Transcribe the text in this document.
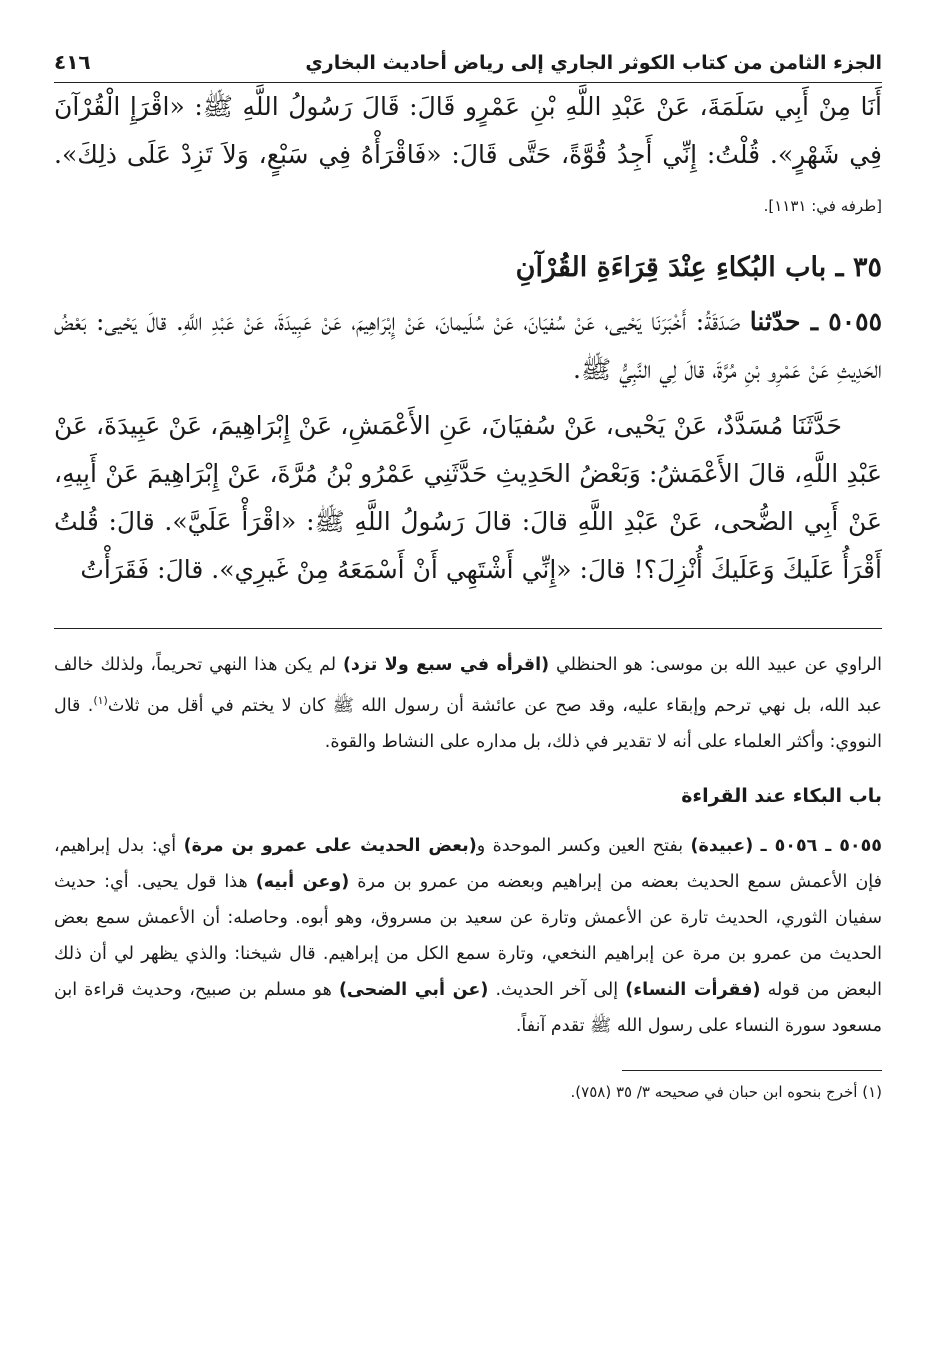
الجزء الثامن من كتاب الكوثر الجاري إلى رياض أحاديث البخاري
٤١٦

أَنَا مِنْ أَبِي سَلَمَةَ، عَنْ عَبْدِ اللَّهِ بْنِ عَمْرٍو قَالَ: قَالَ رَسُولُ اللَّهِ ﷺ: «اقْرَإِ الْقُرْآنَ فِي شَهْرٍ». قُلْتُ: إِنِّي أَجِدُ قُوَّةً، حَتَّى قَالَ: «فَاقْرَأْهُ فِي سَبْعٍ، وَلاَ تَزِدْ عَلَى ذلِكَ». [طرفه في: ١١٣١].

٣٥ ـ باب البُكاءِ عِنْدَ قِرَاءَةِ القُرْآنِ

٥٠٥٥ ـ حدّثنا صَدَقَةُ: أَخْبَرَنَا يَحْيى، عَنْ سُفيَانَ، عَنْ سُلَيمانَ، عَنْ إِبْرَاهِيمَ، عَنْ عَبِيدَةَ، عَنْ عَبْدِ اللَّهِ. قالَ يَحْيى: بَعْضُ الحَدِيثِ عَنْ عَمْرِو بْنِ مُرَّةَ، قالَ لِي النَّبِيُّ ﷺ.

حَدَّثَنَا مُسَدَّدٌ، عَنْ يَحْيى، عَنْ سُفيَانَ، عَنِ الأَعْمَشِ، عَنْ إِبْرَاهِيمَ، عَنْ عَبِيدَةَ، عَنْ عَبْدِ اللَّهِ، قالَ الأَعْمَشُ: وَبَعْضُ الحَدِيثِ حَدَّثَنِي عَمْرُو بْنُ مُرَّةَ، عَنْ إِبْرَاهِيمَ عَنْ أَبِيهِ، عَنْ أَبِي الضُّحى، عَنْ عَبْدِ اللَّهِ قالَ: قالَ رَسُولُ اللَّهِ ﷺ: «اقْرَأْ عَلَيَّ». قالَ: قُلتُ أَقْرَأُ عَلَيكَ وَعَلَيكَ أُنْزِلَ؟! قالَ: «إِنِّي أَشْتَهِي أَنْ أَسْمَعَهُ مِنْ غَيرِي». قالَ: فَقَرَأْتُ

الراوي عن عبيد الله بن موسى: هو الحنظلي (اقرأه في سبع ولا تزد) لم يكن هذا النهي تحريماً، ولذلك خالف عبد الله، بل نهي ترحم وإبقاء عليه، وقد صح عن عائشة أن رسول الله ﷺ كان لا يختم في أقل من ثلاث$^{(١)}$. قال النووي: وأكثر العلماء على أنه لا تقدير في ذلك، بل مداره على النشاط والقوة.

باب البكاء عند القراءة

٥٠٥٥ ـ ٥٠٥٦ ـ (عبيدة) بفتح العين وكسر الموحدة و(بعض الحديث على عمرو بن مرة) أي: بدل إبراهيم، فإن الأعمش سمع الحديث بعضه من إبراهيم وبعضه من عمرو بن مرة (وعن أبيه) هذا قول يحيى. أي: حديث سفيان الثوري، الحديث تارة عن الأعمش وتارة عن سعيد بن مسروق، وهو أبوه. وحاصله: أن الأعمش سمع بعض الحديث من عمرو بن مرة عن إبراهيم النخعي، وتارة سمع الكل من إبراهيم. قال شيخنا: والذي يظهر لي أن ذلك البعض من قوله (فقرأت النساء) إلى آخر الحديث. (عن أبي الضحى) هو مسلم بن صبيح، وحديث قراءة ابن مسعود سورة النساء على رسول الله ﷺ تقدم آنفاً.

(١) أخرج بنحوه ابن حبان في صحيحه ٣/ ٣٥ (٧٥٨).
